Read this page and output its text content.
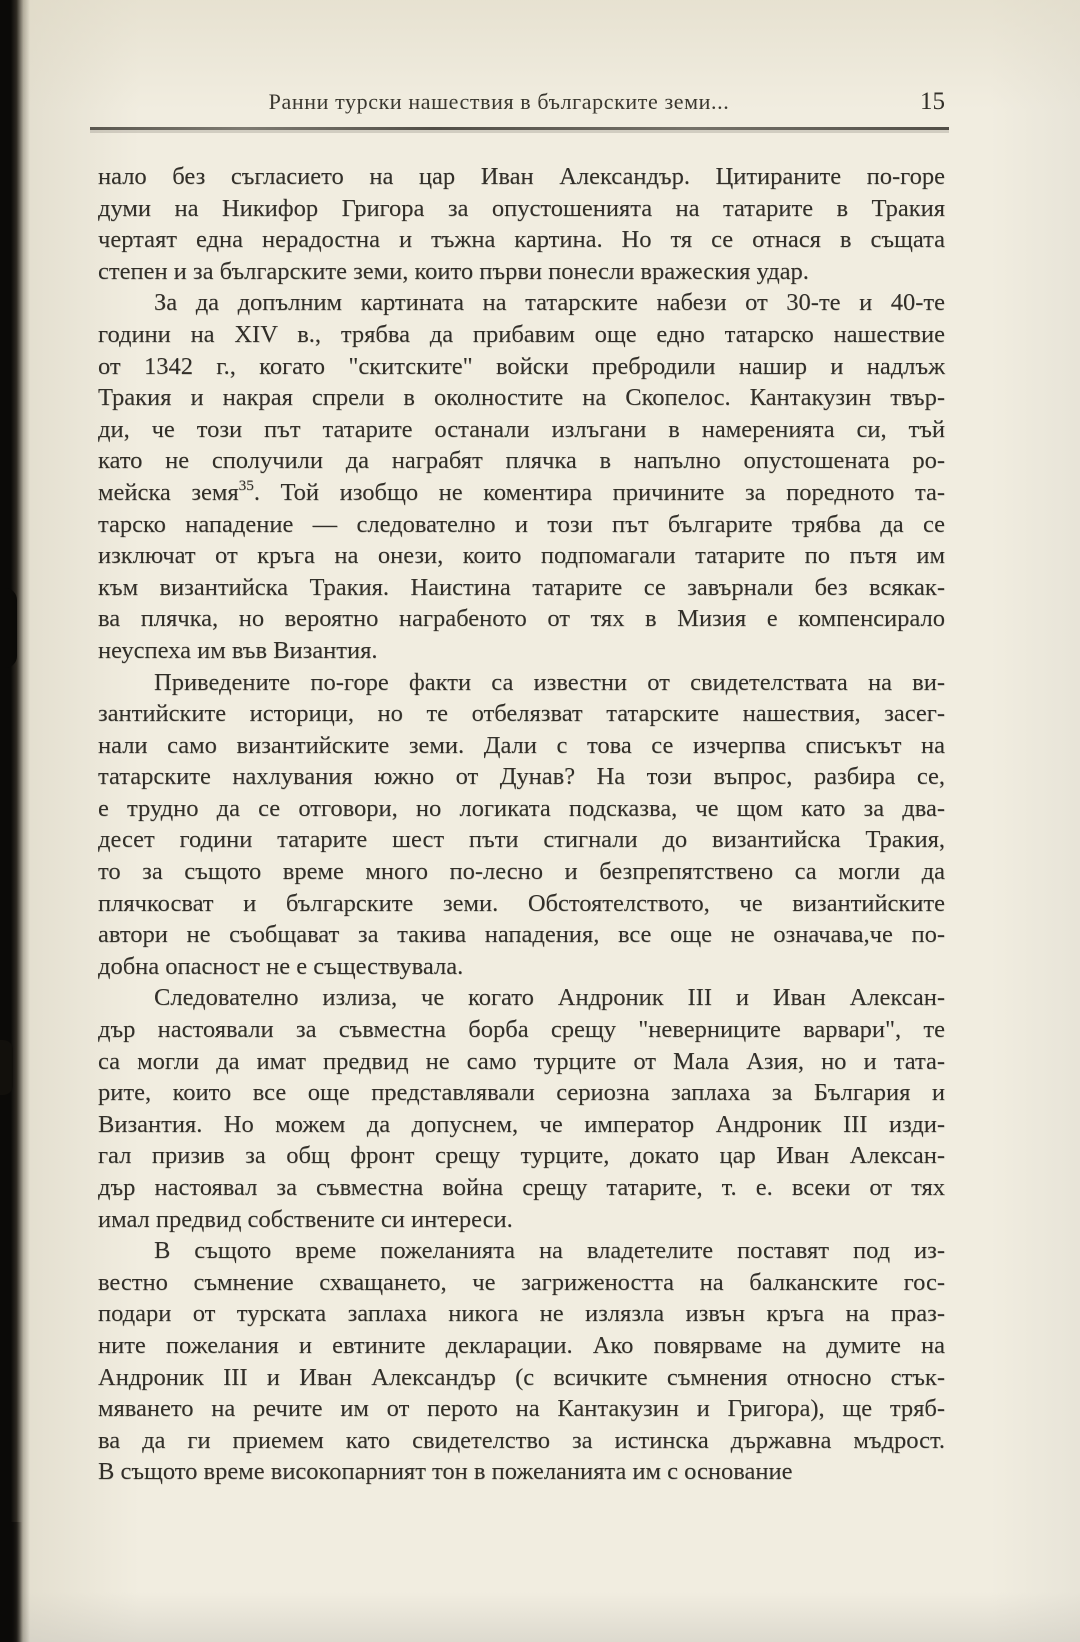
Ранни турски нашествия в българските земи...	15
нало без съгласието на цар Иван Александър. Цитираните по-горе
думи на Никифор Григора за опустошенията на татарите в Тракия
чертаят една нерадостна и тъжна картина. Но тя се отнася в същата
степен и за българските земи, които първи понесли вражеския удар.
За да допълним картината на татарските набези от 30-те и 40-те
години на XIV в., трябва да прибавим още едно татарско нашествие
от 1342 г., когато "скитските" войски пребродили нашир и надлъж
Тракия и накрая спрели в околностите на Скопелос. Кантакузин твър-
ди, че този път татарите останали излъгани в намеренията си, тъй
като не сполучили да награбят плячка в напълно опустошената ро-
мейска земя$^{35}$. Той изобщо не коментира причините за поредното та-
тарско нападение — следователно и този път българите трябва да се
изключат от кръга на онези, които подпомагали татарите по пътя им
към византийска Тракия. Наистина татарите се завърнали без всякак-
ва плячка, но вероятно награбеното от тях в Мизия е компенсирало
неуспеха им във Византия.
Приведените по-горе факти са известни от свидетелствата на ви-
зантийските историци, но те отбелязват татарските нашествия, засег-
нали само византийските земи. Дали с това се изчерпва списъкът на
татарските нахлувания южно от Дунав? На този въпрос, разбира се,
е трудно да се отговори, но логиката подсказва, че щом като за два-
десет години татарите шест пъти стигнали до византийска Тракия,
то за същото време много по-лесно и безпрепятствено са могли да
плячкосват и българските земи. Обстоятелството, че византийските
автори не съобщават за такива нападения, все още не означава,че по-
добна опасност не е съществувала.
Следователно излиза, че когато Андроник III и Иван Алексан-
дър настоявали за съвместна борба срещу "неверниците варвари", те
са могли да имат предвид не само турците от Мала Азия, но и тата-
рите, които все още представлявали сериозна заплаха за България и
Византия. Но можем да допуснем, че император Андроник III изди-
гал призив за общ фронт срещу турците, докато цар Иван Алексан-
дър настоявал за съвместна война срещу татарите, т. е. всеки от тях
имал предвид собствените си интереси.
В същото време пожеланията на владетелите поставят под из-
вестно съмнение схващането, че загрижеността на балканските гос-
подари от турската заплаха никога не излязла извън кръга на праз-
ните пожелания и евтините декларации. Ако повярваме на думите на
Андроник III и Иван Александър (с всичките съмнения относно стък-
мяването на речите им от перото на Кантакузин и Григора), ще тряб-
ва да ги приемем като свидетелство за истинска държавна мъдрост.
В същото време високопарният тон в пожеланията им с основание
